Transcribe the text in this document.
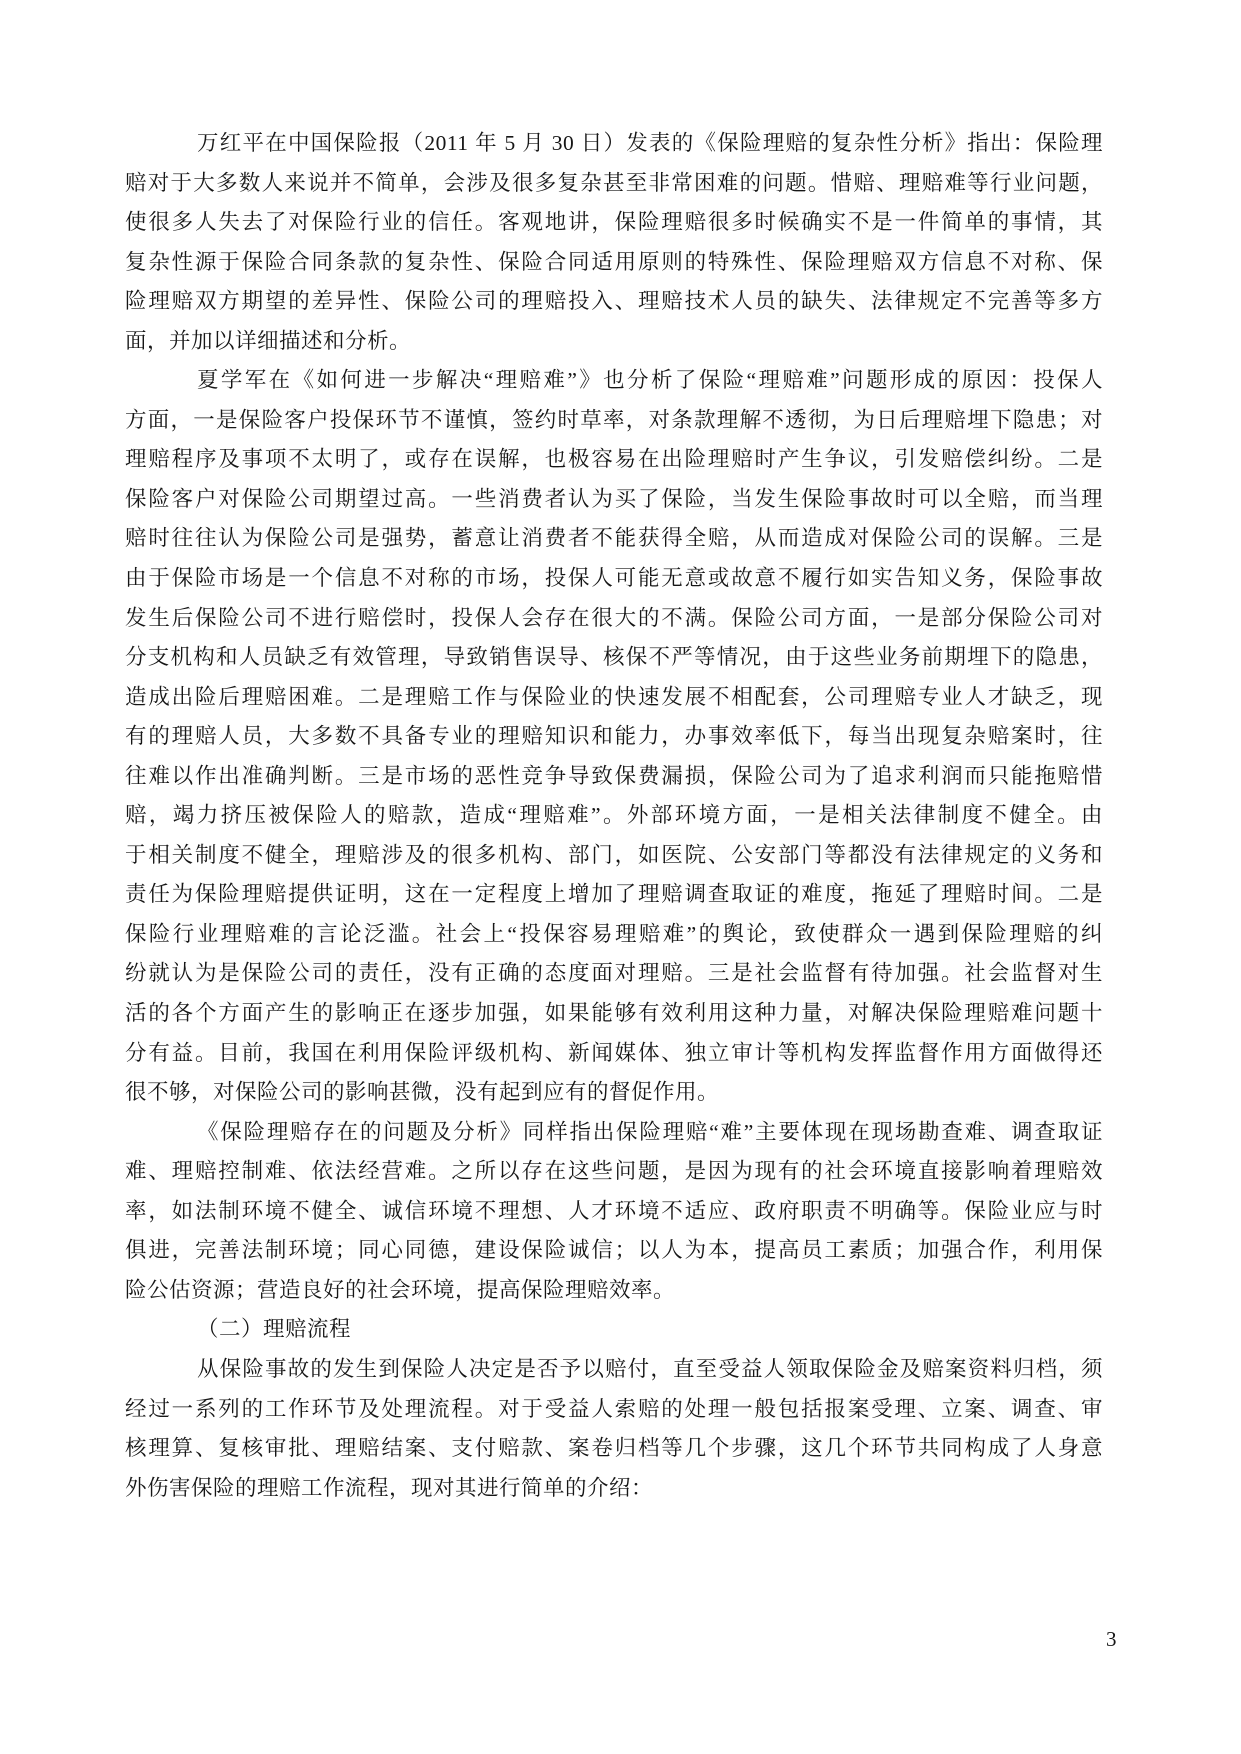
万红平在中国保险报（2011 年 5 月 30 日）发表的《保险理赔的复杂性分析》指出：保险理
赔对于大多数人来说并不简单，会涉及很多复杂甚至非常困难的问题。惜赔、理赔难等行业问题，
使很多人失去了对保险行业的信任。客观地讲，保险理赔很多时候确实不是一件简单的事情，其
复杂性源于保险合同条款的复杂性、保险合同适用原则的特殊性、保险理赔双方信息不对称、保
险理赔双方期望的差异性、保险公司的理赔投入、理赔技术人员的缺失、法律规定不完善等多方
面，并加以详细描述和分析。
夏学军在《如何进一步解决“理赔难”》也分析了保险“理赔难”问题形成的原因：投保人
方面，一是保险客户投保环节不谨慎，签约时草率，对条款理解不透彻，为日后理赔埋下隐患；对
理赔程序及事项不太明了，或存在误解，也极容易在出险理赔时产生争议，引发赔偿纠纷。二是
保险客户对保险公司期望过高。一些消费者认为买了保险，当发生保险事故时可以全赔，而当理
赔时往往认为保险公司是强势，蓄意让消费者不能获得全赔，从而造成对保险公司的误解。三是
由于保险市场是一个信息不对称的市场，投保人可能无意或故意不履行如实告知义务，保险事故
发生后保险公司不进行赔偿时，投保人会存在很大的不满。保险公司方面，一是部分保险公司对
分支机构和人员缺乏有效管理，导致销售误导、核保不严等情况，由于这些业务前期埋下的隐患，
造成出险后理赔困难。二是理赔工作与保险业的快速发展不相配套，公司理赔专业人才缺乏，现
有的理赔人员，大多数不具备专业的理赔知识和能力，办事效率低下，每当出现复杂赔案时，往
往难以作出准确判断。三是市场的恶性竞争导致保费漏损，保险公司为了追求利润而只能拖赔惜
赔，竭力挤压被保险人的赔款，造成“理赔难”。外部环境方面，一是相关法律制度不健全。由
于相关制度不健全，理赔涉及的很多机构、部门，如医院、公安部门等都没有法律规定的义务和
责任为保险理赔提供证明，这在一定程度上增加了理赔调查取证的难度，拖延了理赔时间。二是
保险行业理赔难的言论泛滥。社会上“投保容易理赔难”的舆论，致使群众一遇到保险理赔的纠
纷就认为是保险公司的责任，没有正确的态度面对理赔。三是社会监督有待加强。社会监督对生
活的各个方面产生的影响正在逐步加强，如果能够有效利用这种力量，对解决保险理赔难问题十
分有益。目前，我国在利用保险评级机构、新闻媒体、独立审计等机构发挥监督作用方面做得还
很不够，对保险公司的影响甚微，没有起到应有的督促作用。
《保险理赔存在的问题及分析》同样指出保险理赔“难”主要体现在现场勘查难、调查取证
难、理赔控制难、依法经营难。之所以存在这些问题，是因为现有的社会环境直接影响着理赔效
率，如法制环境不健全、诚信环境不理想、人才环境不适应、政府职责不明确等。保险业应与时
俱进，完善法制环境；同心同德，建设保险诚信；以人为本，提高员工素质；加强合作，利用保
险公估资源；营造良好的社会环境，提高保险理赔效率。
（二）理赔流程
从保险事故的发生到保险人决定是否予以赔付，直至受益人领取保险金及赔案资料归档，须
经过一系列的工作环节及处理流程。对于受益人索赔的处理一般包括报案受理、立案、调查、审
核理算、复核审批、理赔结案、支付赔款、案卷归档等几个步骤，这几个环节共同构成了人身意
外伤害保险的理赔工作流程，现对其进行简单的介绍：
3
